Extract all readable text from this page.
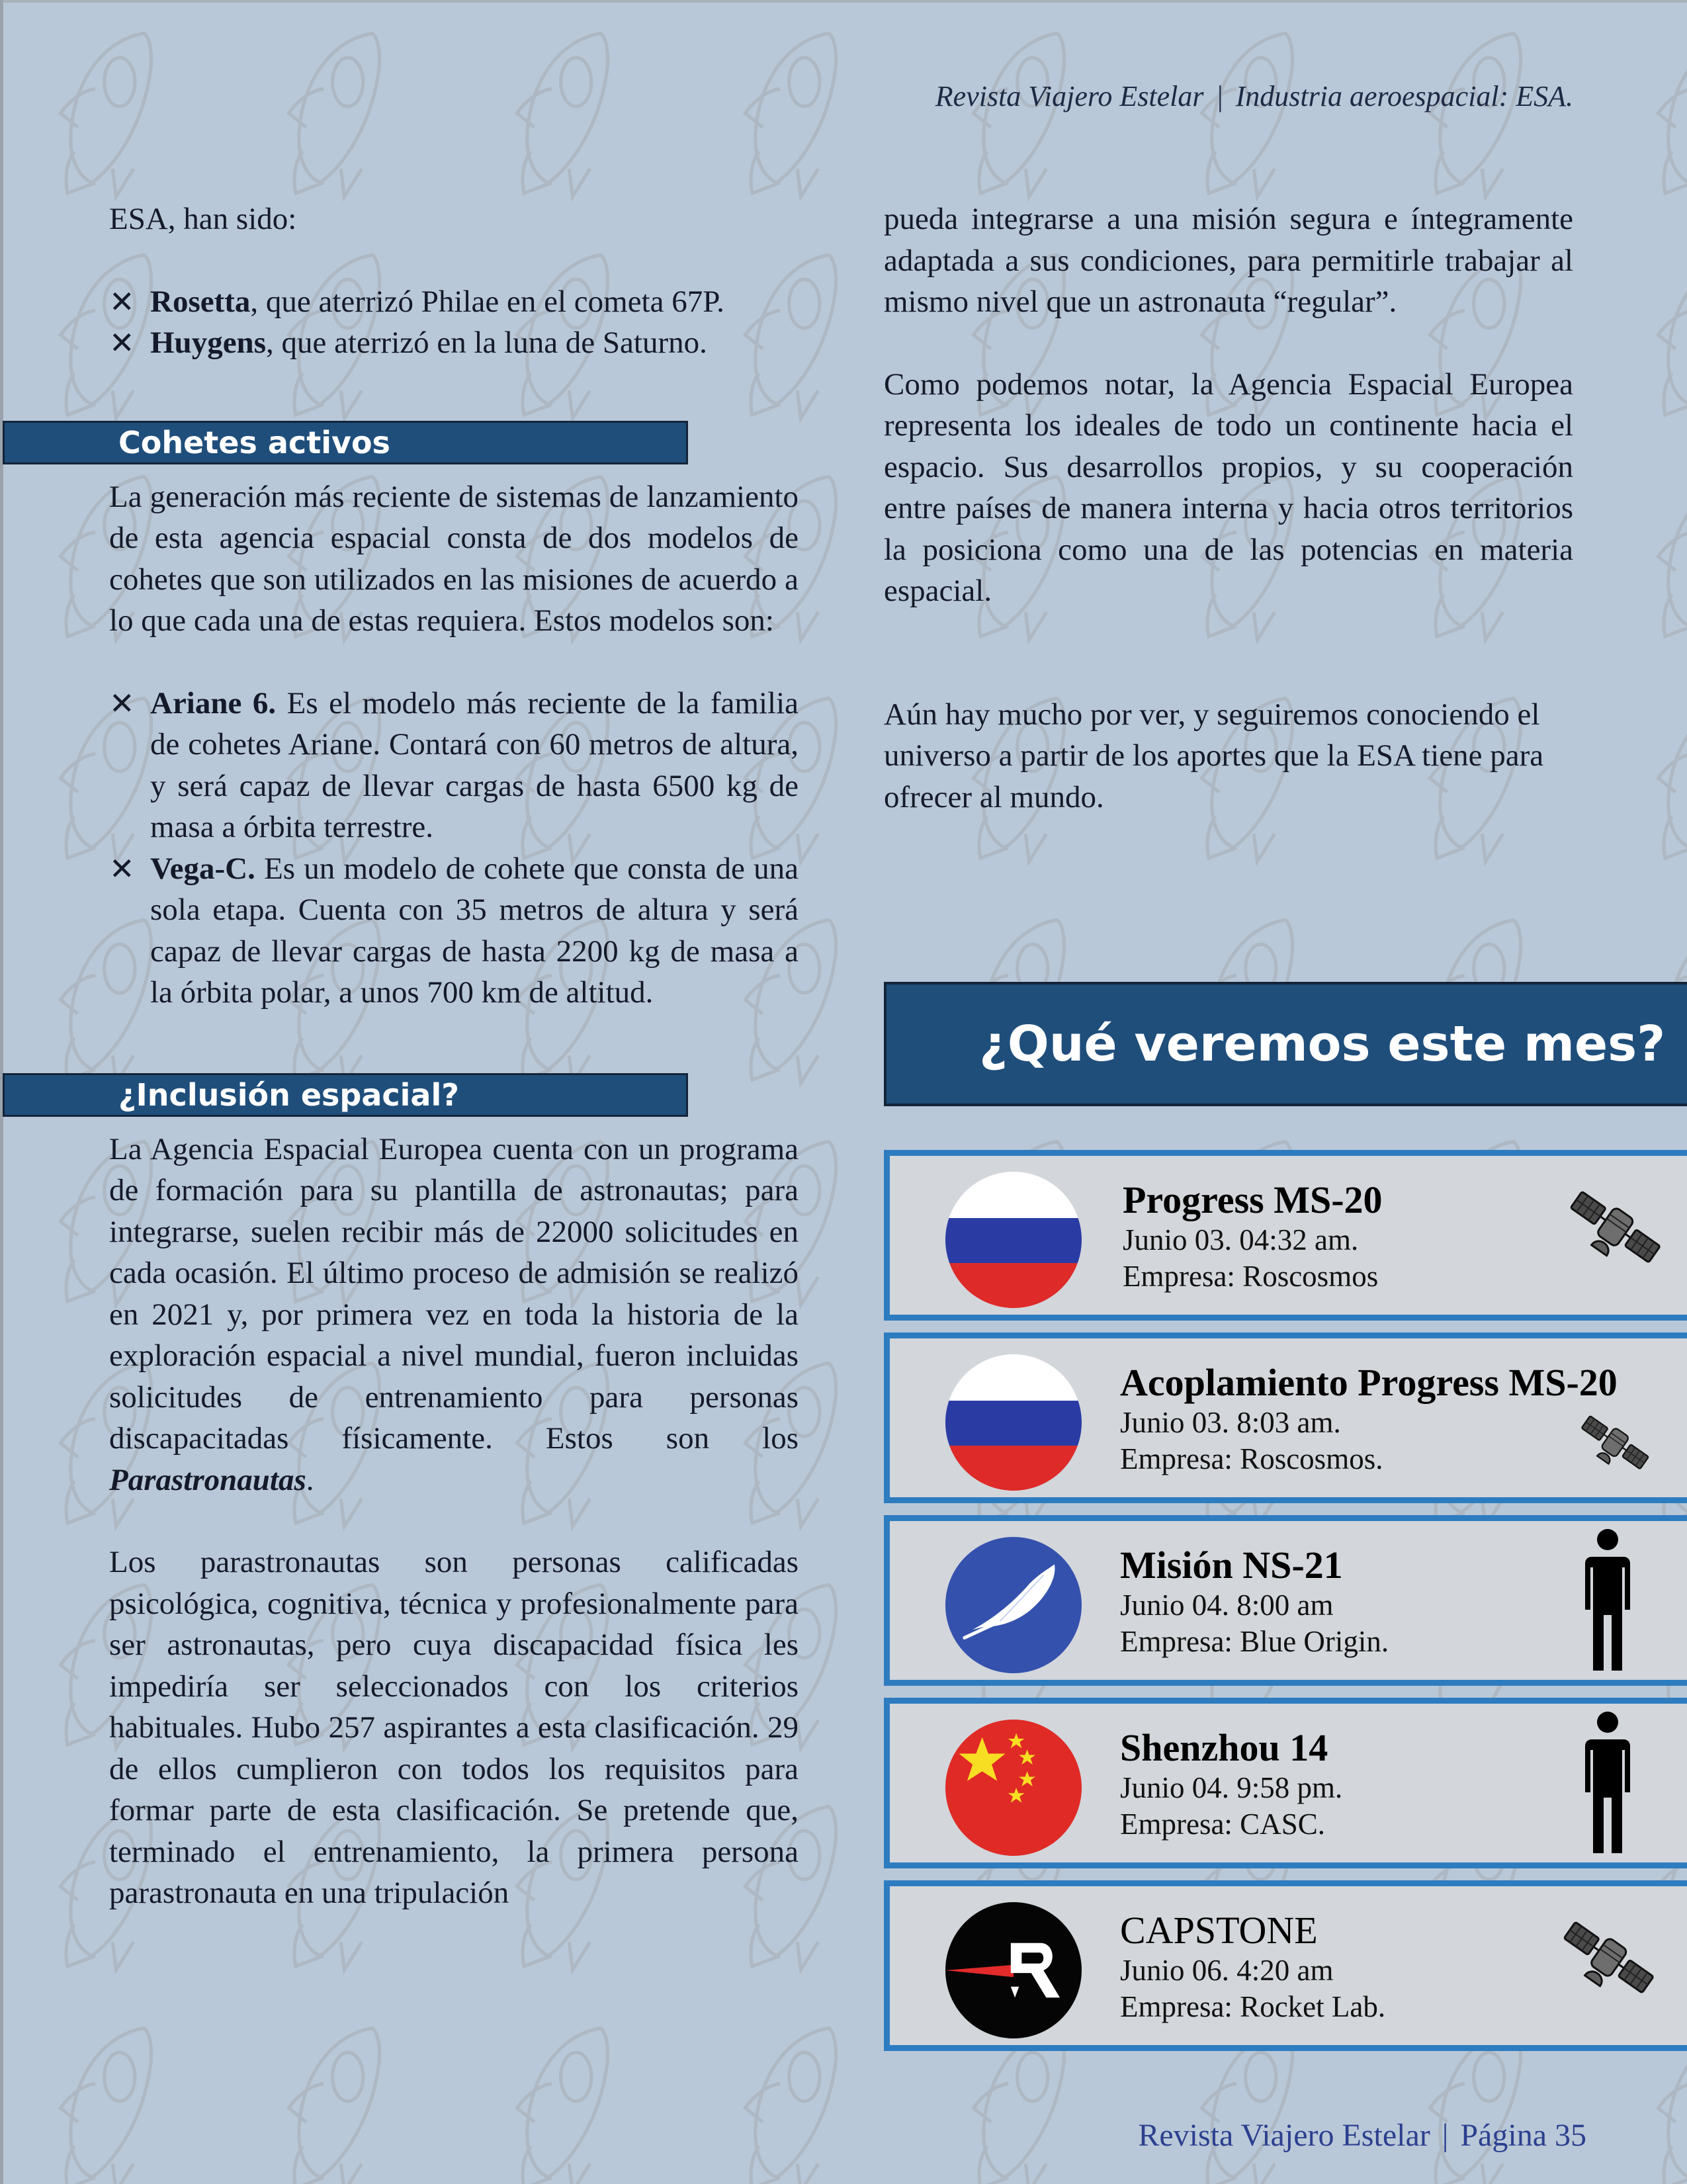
Revista Viajero Estelar | Industria aeroespacial: ESA.

ESA, han sido:

✕ Rosetta, que aterrizó Philae en el cometa 67P.
✕ Huygens, que aterrizó en la luna de Saturno.
Cohetes activos

La generación más reciente de sistemas de lanzamiento de esta agencia espacial consta de dos modelos de cohetes que son utilizados en las misiones de acuerdo a lo que cada una de estas requiera. Estos modelos son:

✕ Ariane 6. Es el modelo más reciente de la familia de cohetes Ariane. Contará con 60 metros de altura, y será capaz de llevar cargas de hasta 6500 kg de masa a órbita terrestre.
✕ Vega-C. Es un modelo de cohete que consta de una sola etapa. Cuenta con 35 metros de altura y será capaz de llevar cargas de hasta 2200 kg de masa a la órbita polar, a unos 700 km de altitud.
¿Inclusión espacial?

La Agencia Espacial Europea cuenta con un programa de formación para su plantilla de astronautas; para integrarse, suelen recibir más de 22000 solicitudes en cada ocasión. El último proceso de admisión se realizó en 2021 y, por primera vez en toda la historia de la exploración espacial a nivel mundial, fueron incluidas solicitudes de entrenamiento para personas discapacitadas físicamente. Estos son los Parastronautas.

Los parastronautas son personas calificadas psicológica, cognitiva, técnica y profesionalmente para ser astronautas, pero cuya discapacidad física les impediría ser seleccionados con los criterios habituales. Hubo 257 aspirantes a esta clasificación. 29 de ellos cumplieron con todos los requisitos para formar parte de esta clasificación. Se pretende que, terminado el entrenamiento, la primera persona parastronauta en una tripulación

pueda integrarse a una misión segura e íntegramente adaptada a sus condiciones, para permitirle trabajar al mismo nivel que un astronauta “regular”.

Como podemos notar, la Agencia Espacial Europea representa los ideales de todo un continente hacia el espacio. Sus desarrollos propios, y su cooperación entre países de manera interna y hacia otros territorios la posiciona como una de las potencias en materia espacial.

Aún hay mucho por ver, y seguiremos conociendo el universo a partir de los aportes que la ESA tiene para ofrecer al mundo.

¿Qué veremos este mes?
Progress MS-20
Junio 03. 04:32 am.
Empresa: Roscosmos
Acoplamiento Progress MS-20
Junio 03. 8:03 am.
Empresa: Roscosmos.
Misión NS-21
Junio 04. 8:00 am
Empresa: Blue Origin.
Shenzhou 14
Junio 04. 9:58 pm.
Empresa: CASC.
CAPSTONE
Junio 06. 4:20 am
Empresa: Rocket Lab.
Revista Viajero Estelar | Página 35
